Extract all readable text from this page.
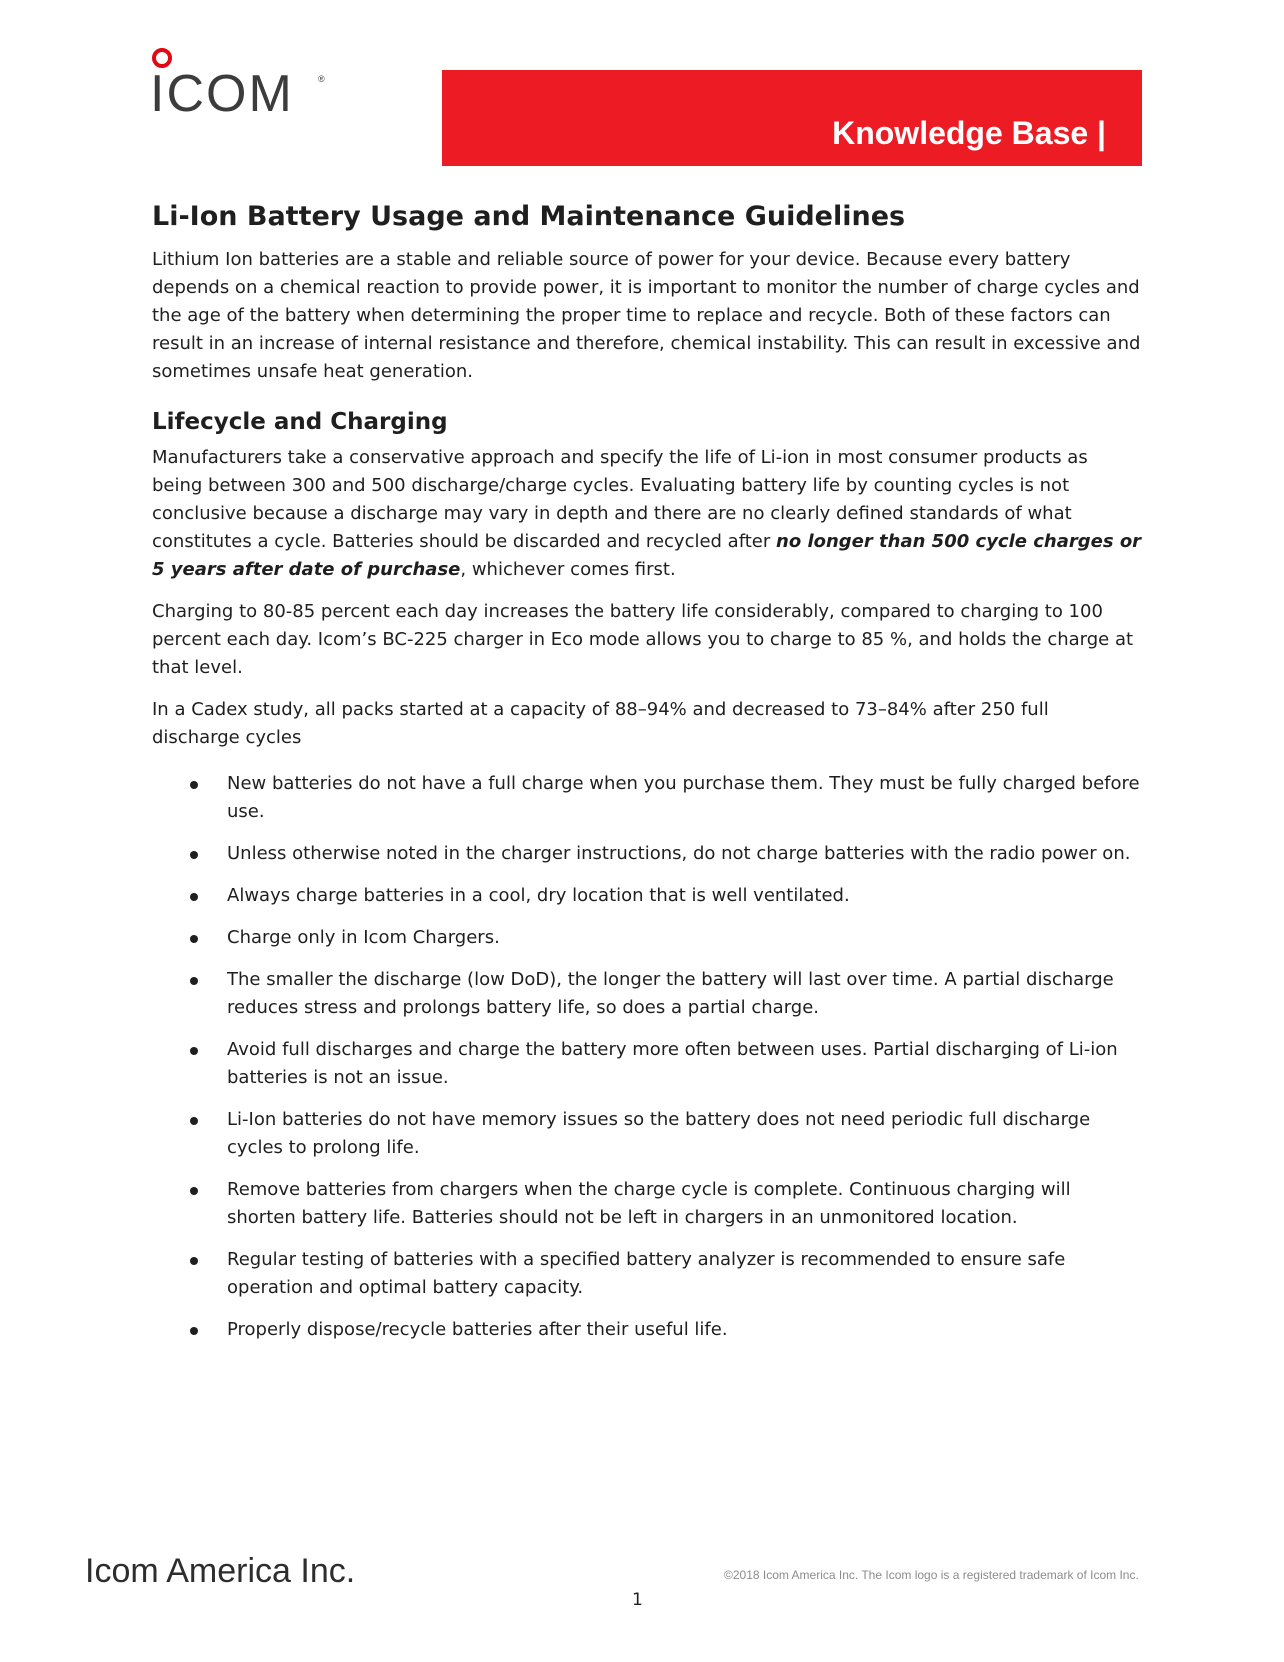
ICOM	®
Knowledge Base |
Li-Ion Battery Usage and Maintenance Guidelines

Lithium Ion batteries are a stable and reliable source of power for your device. Because every battery depends on a chemical reaction to provide power, it is important to monitor the number of charge cycles and the age of the battery when determining the proper time to replace and recycle. Both of these factors can result in an increase of internal resistance and therefore, chemical instability. This can result in excessive and sometimes unsafe heat generation.

Lifecycle and Charging

Manufacturers take a conservative approach and specify the life of Li-ion in most consumer products as being between 300 and 500 discharge/charge cycles. Evaluating battery life by counting cycles is not conclusive because a discharge may vary in depth and there are no clearly defined standards of what constitutes a cycle. Batteries should be discarded and recycled after no longer than 500 cycle charges or 5 years after date of purchase, whichever comes first.

Charging to 80-85 percent each day increases the battery life considerably, compared to charging to 100 percent each day. Icom’s BC-225 charger in Eco mode allows you to charge to 85 %, and holds the charge at that level.

In a Cadex study, all packs started at a capacity of 88–94% and decreased to 73–84% after 250 full discharge cycles

New batteries do not have a full charge when you purchase them. They must be fully charged before use.
Unless otherwise noted in the charger instructions, do not charge batteries with the radio power on.
Always charge batteries in a cool, dry location that is well ventilated.
Charge only in Icom Chargers.
The smaller the discharge (low DoD), the longer the battery will last over time. A partial discharge reduces stress and prolongs battery life, so does a partial charge.
Avoid full discharges and charge the battery more often between uses. Partial discharging of Li-ion batteries is not an issue.
Li-Ion batteries do not have memory issues so the battery does not need periodic full discharge cycles to prolong life.
Remove batteries from chargers when the charge cycle is complete. Continuous charging will shorten battery life. Batteries should not be left in chargers in an unmonitored location.
Regular testing of batteries with a specified battery analyzer is recommended to ensure safe operation and optimal battery capacity.
Properly dispose/recycle batteries after their useful life.
Icom America Inc.	©2018 Icom America Inc. The Icom logo is a registered trademark of Icom Inc.
1
